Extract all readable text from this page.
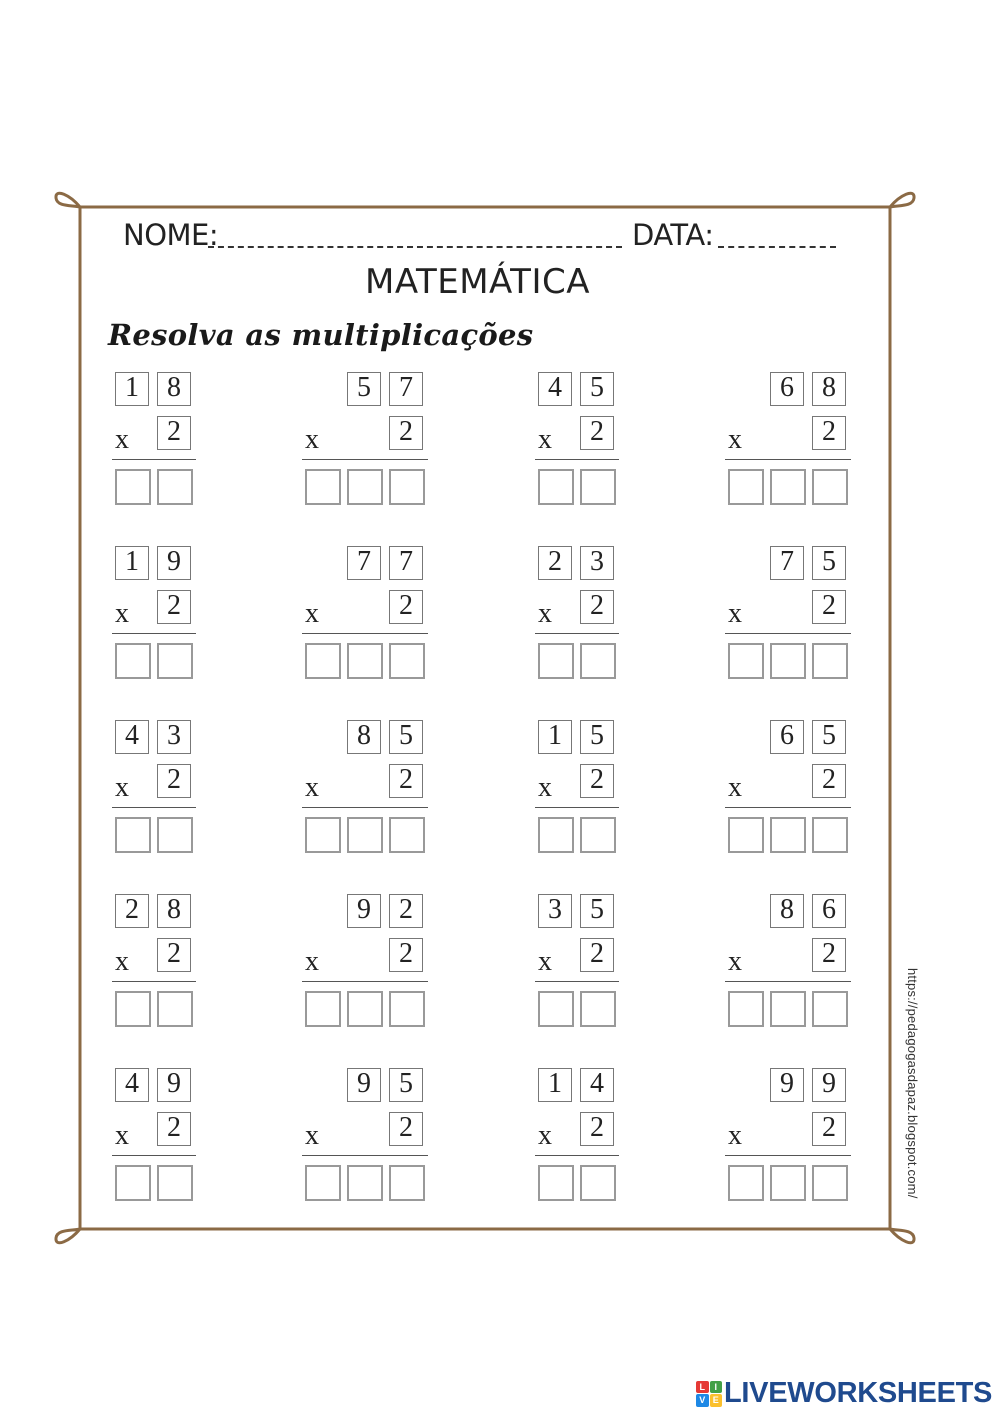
NOME:	DATA:
MATEMÁTICA
Resolva as multiplicações
1	8
x	2
5	7
x	2
4	5
x	2
6	8
x	2
1	9
x	2
7	7
x	2
2	3
x	2
7	5
x	2
4	3
x	2
8	5
x	2
1	5
x	2
6	5
x	2
2	8
x	2
9	2
x	2
3	5
x	2
8	6
x	2
4	9
x	2
9	5
x	2
1	4
x	2
9	9
x	2	https://pedagogasdapaz.blogspot.com/
L	I
V E LIVEWORKSHEETS
